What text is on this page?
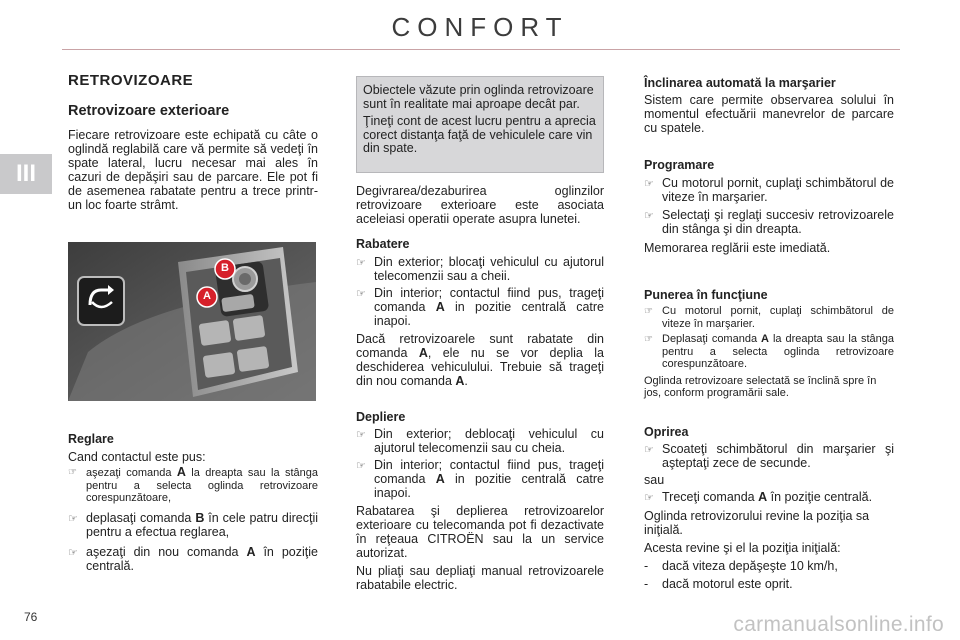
CONFORT
III
RETROVIZOARE
Retrovizoare exterioare

Fiecare retrovizoare este echipată cu câte o oglindă reglabilă care vă permite să vedeţi în spate lateral, lucru necesar mai ales în cazuri de depăşiri sau de parcare. Ele pot fi de asemenea rabatate pentru a trece printr-un loc foarte strâmt.

B
A
Reglare

Cand contactul este pus:

☞ aşezaţi comanda A la dreapta sau la stânga pentru a selecta oglinda retrovizoare corespunzătoare,
☞ deplasaţi comanda B în cele patru direcţii pentru a efectua reglarea,
☞ aşezaţi din nou comanda A în poziţie centrală.

Obiectele văzute prin oglinda retrovizoare sunt în realitate mai aproape decât par.

Ţineţi cont de acest lucru pentru a aprecia corect distanţa faţă de vehiculele care vin din spate.

Degivrarea/dezaburirea oglinzilor retrovizoare exterioare este asociata aceleiasi operatii operate asupra lunetei.

Rabatere
☞ Din exterior; blocaţi vehiculul cu ajutorul telecomenzii sau a cheii.
☞ Din interior; contactul fiind pus, trageţi comanda A in pozitie centrală catre inapoi.

Dacă retrovizoarele sunt rabatate din comanda A, ele nu se vor deplia la deschiderea vehiculului. Trebuie să trageţi din nou comanda A.

Depliere
☞ Din exterior; deblocaţi vehiculul cu ajutorul telecomenzii sau cu cheia.
☞ Din interior; contactul fiind pus, trageţi comanda A in pozitie centrală catre inapoi.

Rabatarea şi deplierea retrovizoarelor exterioare cu telecomanda pot fi dezactivate în reţeaua CITROËN sau la un service autorizat.

Nu pliaţi sau depliaţi manual retrovizoarele rabatabile electric.

Înclinarea automată la marşarier

Sistem care permite observarea solului în momentul efectuării manevrelor de parcare cu spatele.

Programare
☞ Cu motorul pornit, cuplaţi schimbătorul de viteze în marşarier.
☞ Selectaţi şi reglaţi succesiv retrovizoarele din stânga şi din dreapta.

Memorarea reglării este imediată.

Punerea în funcţiune
☞ Cu motorul pornit, cuplaţi schimbătorul de viteze în marşarier.
☞ Deplasaţi comanda A la dreapta sau la stânga pentru a selecta oglinda retrovizoare corespunzătoare.

Oglinda retrovizoare selectată se înclină spre în jos, conform programării sale.

Oprirea
☞ Scoateţi schimbătorul din marşarier şi aşteptaţi zece de secunde.

sau

☞ Treceţi comanda A în poziţie centrală.

Oglinda retrovizorului revine la poziţia sa iniţială.

Acesta revine şi el la poziţia iniţială:

-	dacă viteza depăşeşte 10 km/h,
-	dacă motorul este oprit.
76	carmanualsonline.info
